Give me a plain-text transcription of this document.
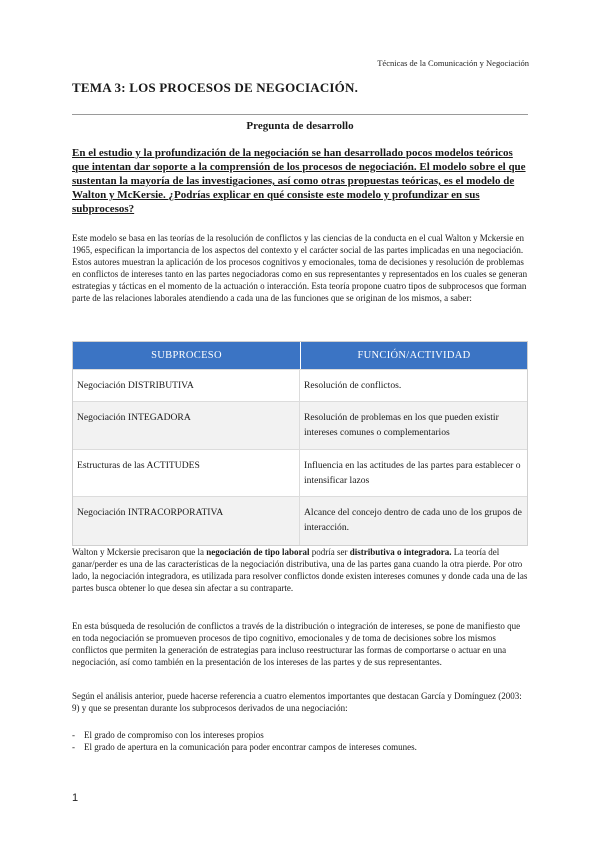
Técnicas de la Comunicación y Negociación
TEMA 3: LOS PROCESOS DE NEGOCIACIÓN.
Pregunta de desarrollo

En el estudio y la profundización de la negociación se han desarrollado pocos modelos teóricos que intentan dar soporte a la comprensión de los procesos de negociación. El modelo sobre el que sustentan la mayoría de las investigaciones, así como otras propuestas teóricas, es el modelo de Walton y McKersie. ¿Podrías explicar en qué consiste este modelo y profundizar en sus subprocesos?

Este modelo se basa en las teorías de la resolución de conflictos y las ciencias de la conducta en el cual Walton y Mckersie en 1965, especifican la importancia de los aspectos del contexto y el carácter social de las partes implicadas en una negociación. Estos autores muestran la aplicación de los procesos cognitivos y emocionales, toma de decisiones y resolución de problemas en conflictos de intereses tanto en las partes negociadoras como en sus representantes y representados en los cuales se generan estrategias y tácticas en el momento de la actuación o interacción. Esta teoría propone cuatro tipos de subprocesos que forman parte de las relaciones laborales atendiendo a cada una de las funciones que se originan de los mismos, a saber:

SUBPROCESO	FUNCIÓN/ACTIVIDAD
Negociación DISTRIBUTIVA	Resolución de conflictos.
Negociación INTEGADORA	Resolución de problemas en los que pueden existir intereses comunes o complementarios
Estructuras de las ACTITUDES	Influencia en las actitudes de las partes para establecer o intensificar lazos
Negociación INTRACORPORATIVA	Alcance del concejo dentro de cada uno de los grupos de interacción.

Walton y Mckersie precisaron que la negociación de tipo laboral podría ser distributiva o integradora. La teoría del ganar/perder es una de las características de la negociación distributiva, una de las partes gana cuando la otra pierde. Por otro lado, la negociación integradora, es utilizada para resolver conflictos donde existen intereses comunes y donde cada una de las partes busca obtener lo que desea sin afectar a su contraparte.

En esta búsqueda de resolución de conflictos a través de la distribución o integración de intereses, se pone de manifiesto que en toda negociación se promueven procesos de tipo cognitivo, emocionales y de toma de decisiones sobre los mismos conflictos que permiten la generación de estrategias para incluso reestructurar las formas de comportarse o actuar en una negociación, así como también en la presentación de los intereses de las partes y de sus representantes.

Según el análisis anterior, puede hacerse referencia a cuatro elementos importantes que destacan García y Domínguez (2003: 9) y que se presentan durante los subprocesos derivados de una negociación:

- El grado de compromiso con los intereses propios
- El grado de apertura en la comunicación para poder encontrar campos de intereses comunes.
1
